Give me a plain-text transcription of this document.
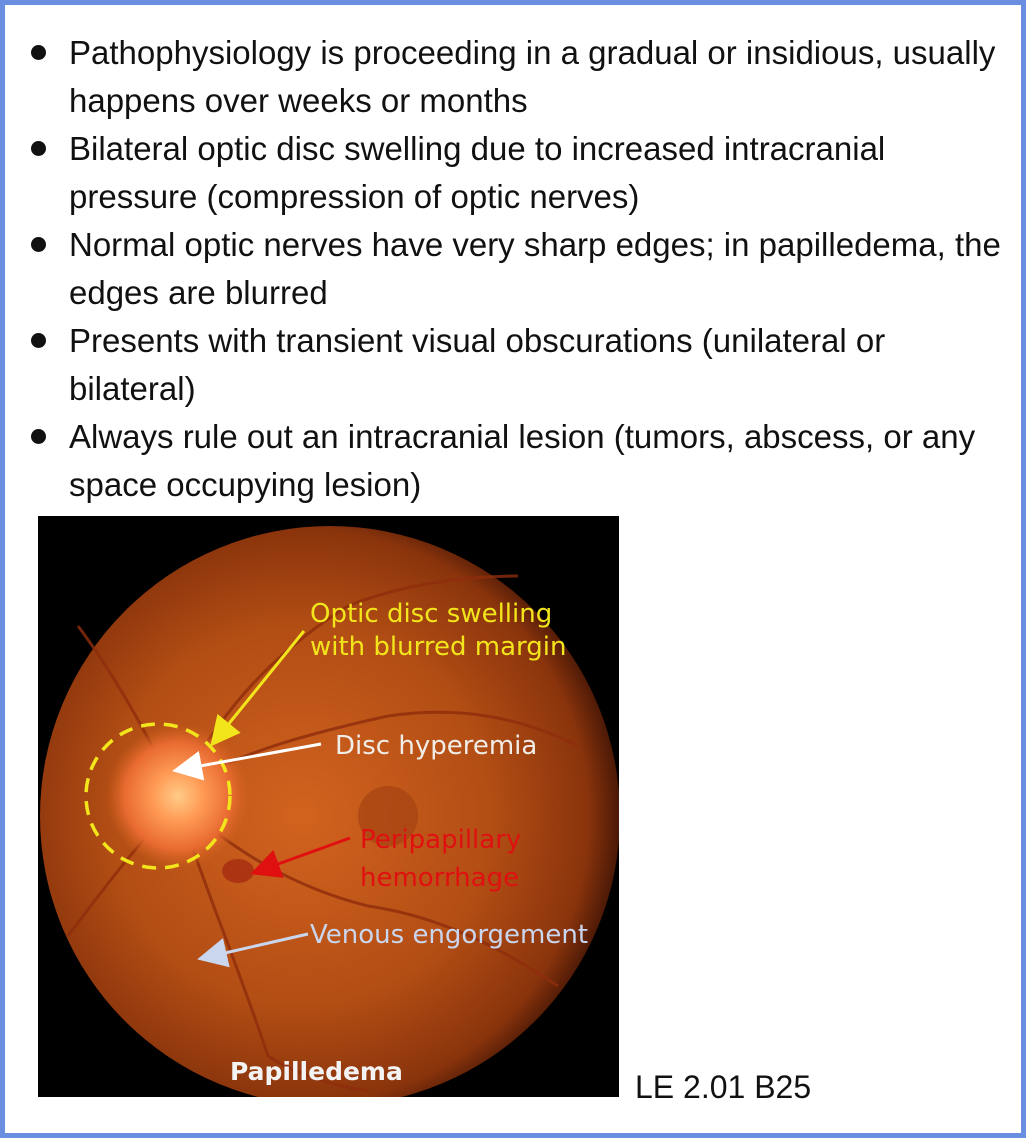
Pathophysiology is proceeding in a gradual or insidious, usually happens over weeks or months
Bilateral optic disc swelling due to increased intracranial pressure (compression of optic nerves)
Normal optic nerves have very sharp edges; in papilledema, the edges are blurred
Presents with transient visual obscurations (unilateral or bilateral)
Always rule out an intracranial lesion (tumors, abscess, or any space occupying lesion)
Optic disc swelling
with blurred margin
Disc hyperemia
Peripapillary
hemorrhage
Venous engorgement
Papilledema	LE 2.01 B25
